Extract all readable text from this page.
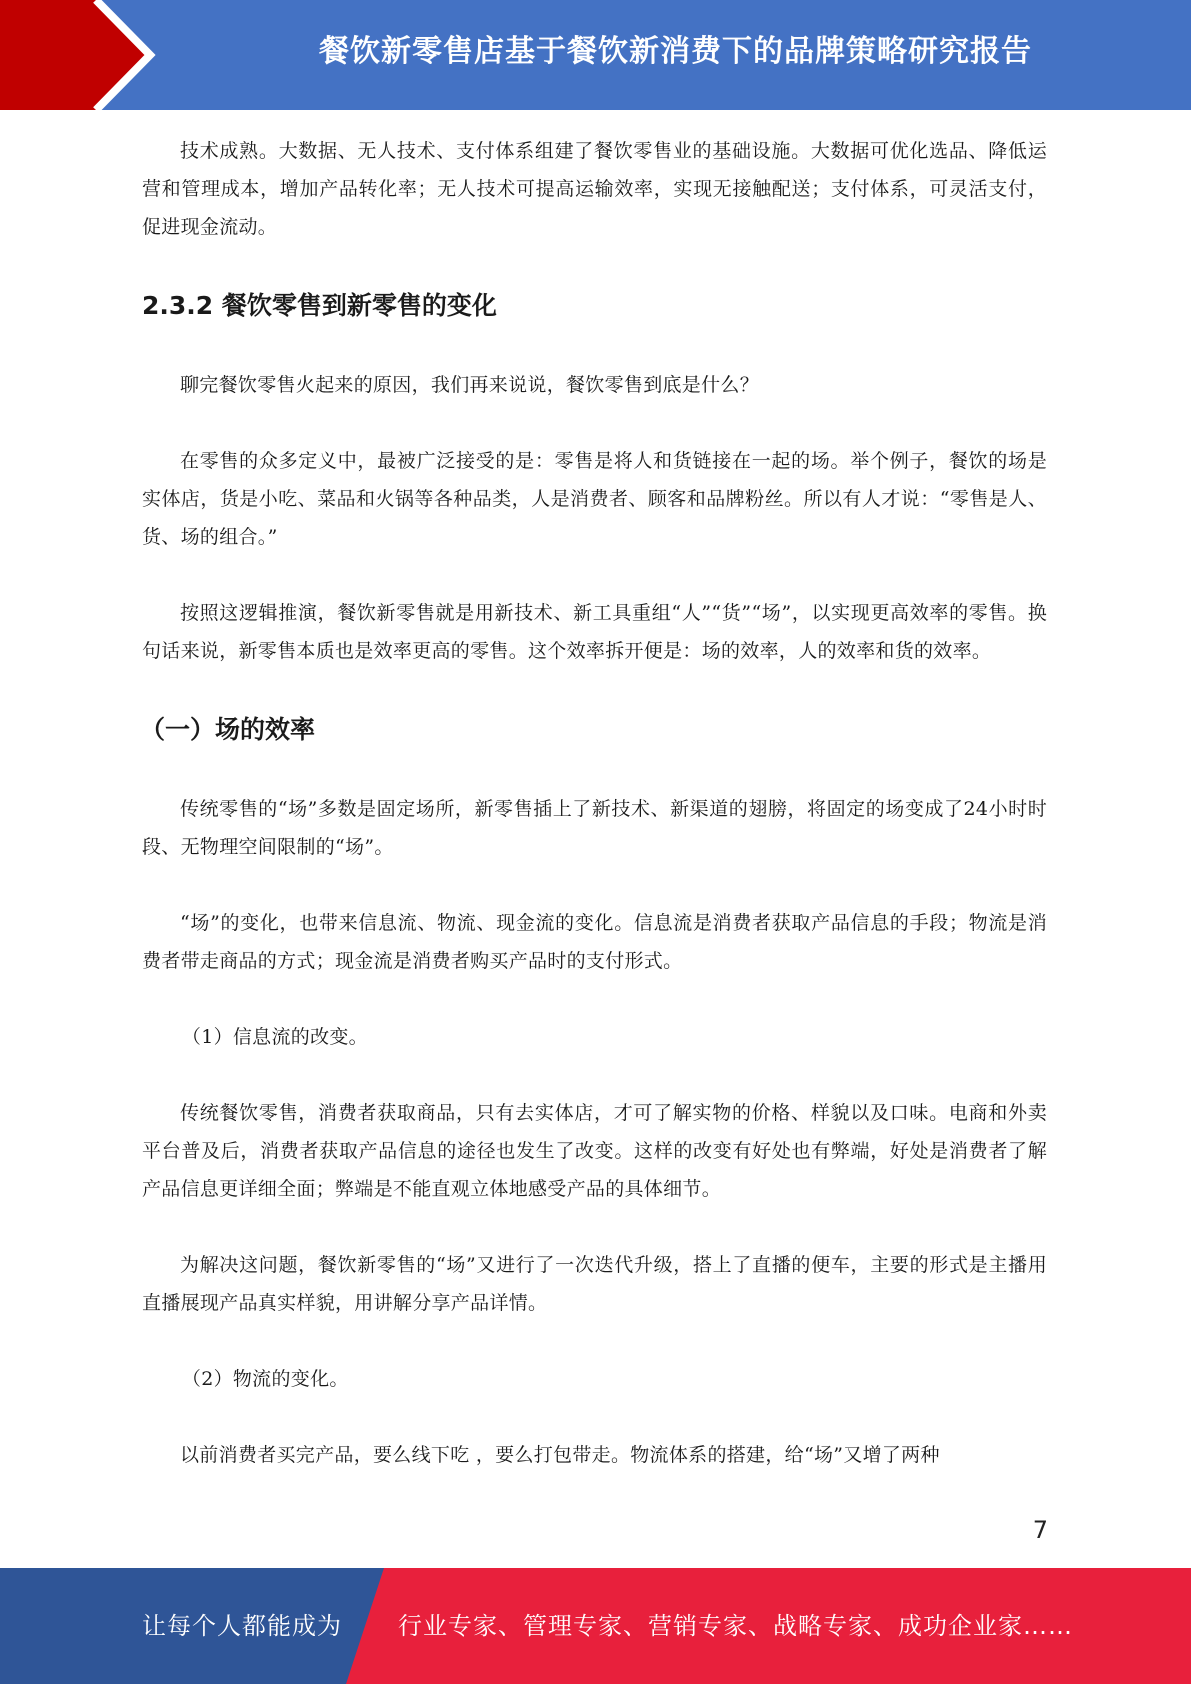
餐饮新零售店基于餐饮新消费下的品牌策略研究报告

技术成熟。大数据、无人技术、支付体系组建了餐饮零售业的基础设施。大数据可优化选品、降低运营和管理成本，增加产品转化率；无人技术可提高运输效率，实现无接触配送；支付体系，可灵活支付，促进现金流动。

2.3.2 餐饮零售到新零售的变化

聊完餐饮零售火起来的原因，我们再来说说，餐饮零售到底是什么？

在零售的众多定义中，最被广泛接受的是：零售是将人和货链接在一起的场。举个例子，餐饮的场是实体店，货是小吃、菜品和火锅等各种品类，人是消费者、顾客和品牌粉丝。所以有人才说：“零售是人、货、场的组合。”

按照这逻辑推演，餐饮新零售就是用新技术、新工具重组“人”“货”“场”，以实现更高效率的零售。换句话来说，新零售本质也是效率更高的零售。这个效率拆开便是：场的效率，人的效率和货的效率。

（一）场的效率

传统零售的“场”多数是固定场所，新零售插上了新技术、新渠道的翅膀，将固定的场变成了24小时时段、无物理空间限制的“场”。

“场”的变化，也带来信息流、物流、现金流的变化。信息流是消费者获取产品信息的手段；物流是消费者带走商品的方式；现金流是消费者购买产品时的支付形式。

（1）信息流的改变。

传统餐饮零售，消费者获取商品，只有去实体店，才可了解实物的价格、样貌以及口味。电商和外卖平台普及后，消费者获取产品信息的途径也发生了改变。这样的改变有好处也有弊端，好处是消费者了解产品信息更详细全面；弊端是不能直观立体地感受产品的具体细节。

为解决这问题，餐饮新零售的“场”又进行了一次迭代升级，搭上了直播的便车，主要的形式是主播用直播展现产品真实样貌，用讲解分享产品详情。

（2）物流的变化。

以前消费者买完产品，要么线下吃 ，要么打包带走。物流体系的搭建，给“场”又增了两种

7
让每个人都能成为 行业专家、管理专家、营销专家、战略专家、成功企业家……
